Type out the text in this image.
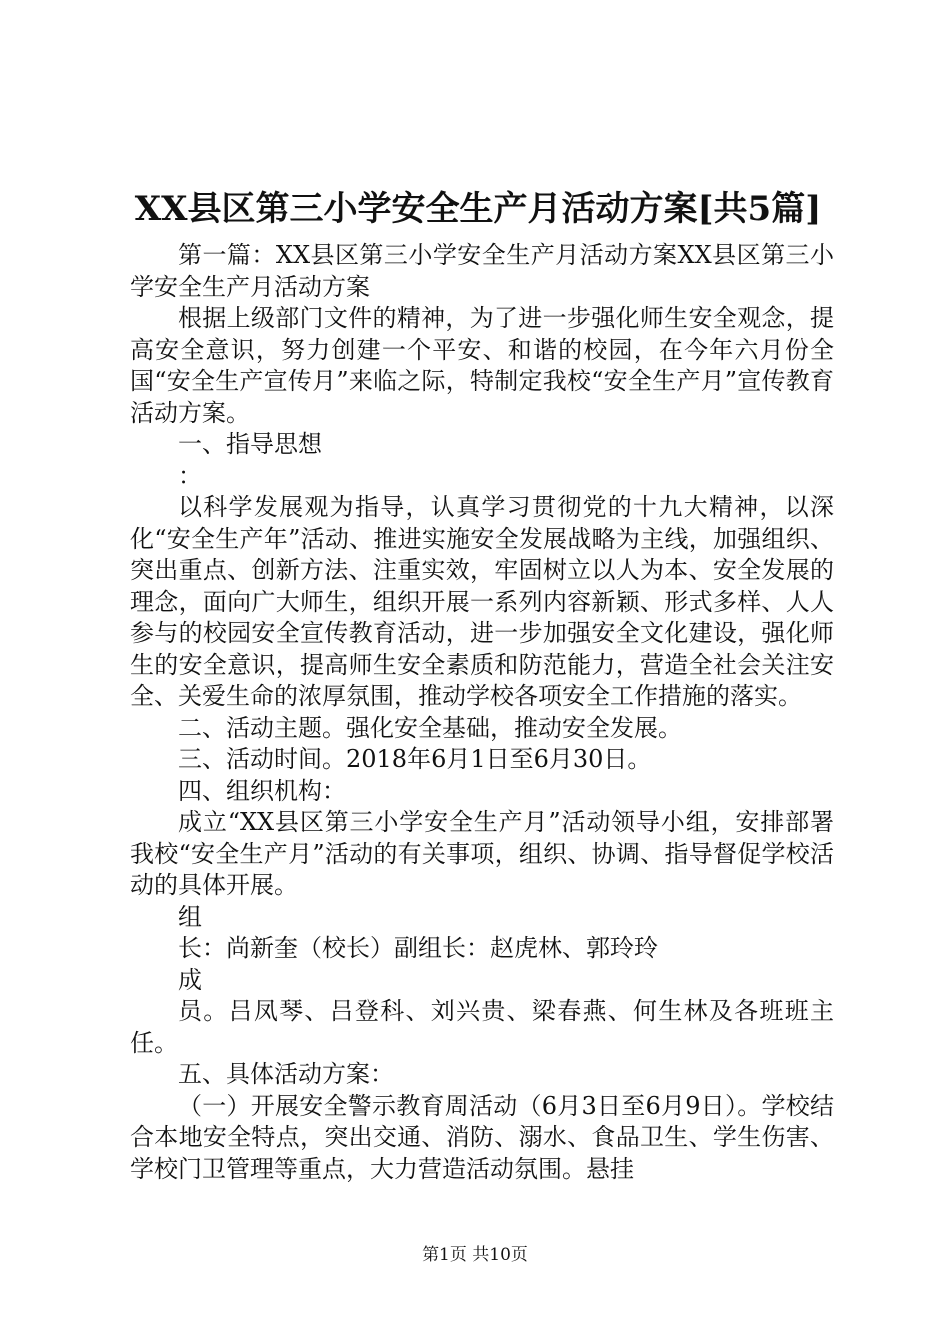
XX县区第三小学安全生产月活动方案[共5篇]

第一篇：XX县区第三小学安全生产月活动方案XX县区第三小学安全生产月活动方案

根据上级部门文件的精神，为了进一步强化师生安全观念，提高安全意识，努力创建一个平安、和谐的校园，在今年六月份全国“安全生产宣传月”来临之际，特制定我校“安全生产月”宣传教育活动方案。

一、指导思想

：

以科学发展观为指导，认真学习贯彻党的十九大精神，以深化“安全生产年”活动、推进实施安全发展战略为主线，加强组织、突出重点、创新方法、注重实效，牢固树立以人为本、安全发展的理念，面向广大师生，组织开展一系列内容新颖、形式多样、人人参与的校园安全宣传教育活动，进一步加强安全文化建设，强化师生的安全意识，提高师生安全素质和防范能力，营造全社会关注安全、关爱生命的浓厚氛围，推动学校各项安全工作措施的落实。

二、活动主题。强化安全基础，推动安全发展。

三、活动时间。2018年6月1日至6月30日。

四、组织机构：

成立“XX县区第三小学安全生产月”活动领导小组，安排部署我校“安全生产月”活动的有关事项，组织、协调、指导督促学校活动的具体开展。

组

长：尚新奎（校长）副组长：赵虎林、郭玲玲

成

员。吕凤琴、吕登科、刘兴贵、梁春燕、何生林及各班班主任。

五、具体活动方案：

（一）开展安全警示教育周活动（6月3日至6月9日）。学校结合本地安全特点，突出交通、消防、溺水、食品卫生、学生伤害、学校门卫管理等重点，大力营造活动氛围。悬挂

第1页 共10页
